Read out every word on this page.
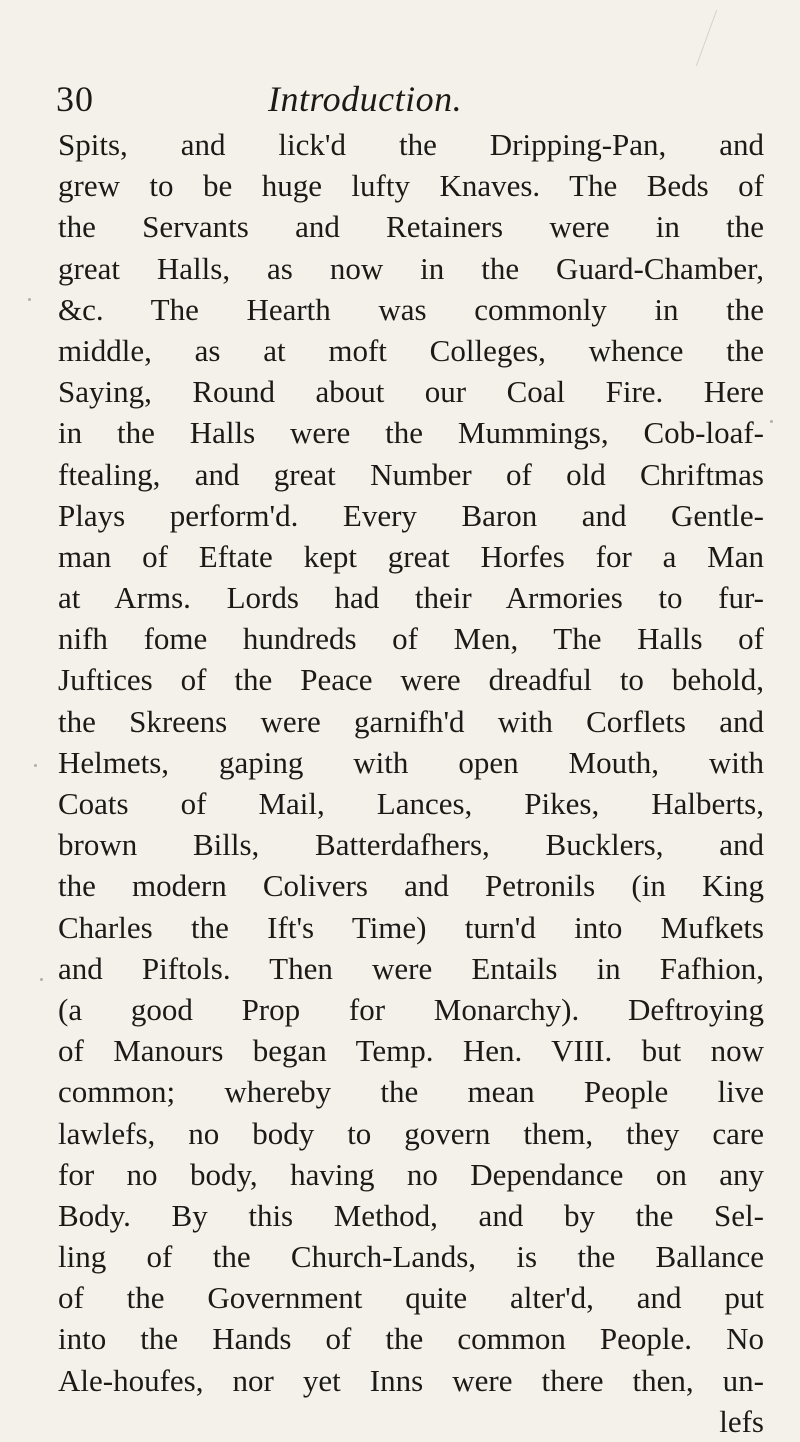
30	Introduction.
Spits, and lick'd the Dripping-Pan, and
grew to be huge lufty Knaves. The Beds of
the Servants and Retainers were in the
great Halls, as now in the Guard-Chamber,
&c. The Hearth was commonly in the
middle, as at moft Colleges, whence the
Saying, Round about our Coal Fire. Here
in the Halls were the Mummings, Cob-loaf-
ftealing, and great Number of old Chriftmas
Plays perform'd. Every Baron and Gentle-
man of Eftate kept great Horfes for a Man
at Arms. Lords had their Armories to fur-
nifh fome hundreds of Men, The Halls of
Juftices of the Peace were dreadful to behold,
the Skreens were garnifh'd with Corflets and
Helmets, gaping with open Mouth, with
Coats of Mail, Lances, Pikes, Halberts,
brown Bills, Batterdafhers, Bucklers, and
the modern Colivers and Petronils (in King
Charles the Ift's Time) turn'd into Mufkets
and Piftols. Then were Entails in Fafhion,
(a good Prop for Monarchy). Deftroying
of Manours began Temp. Hen. VIII. but now
common; whereby the mean People live
lawlefs, no body to govern them, they care
for no body, having no Dependance on any
Body. By this Method, and by the Sel-
ling of the Church-Lands, is the Ballance
of the Government quite alter'd, and put
into the Hands of the common People. No
Ale-houfes, nor yet Inns were there then, un-
lefs
